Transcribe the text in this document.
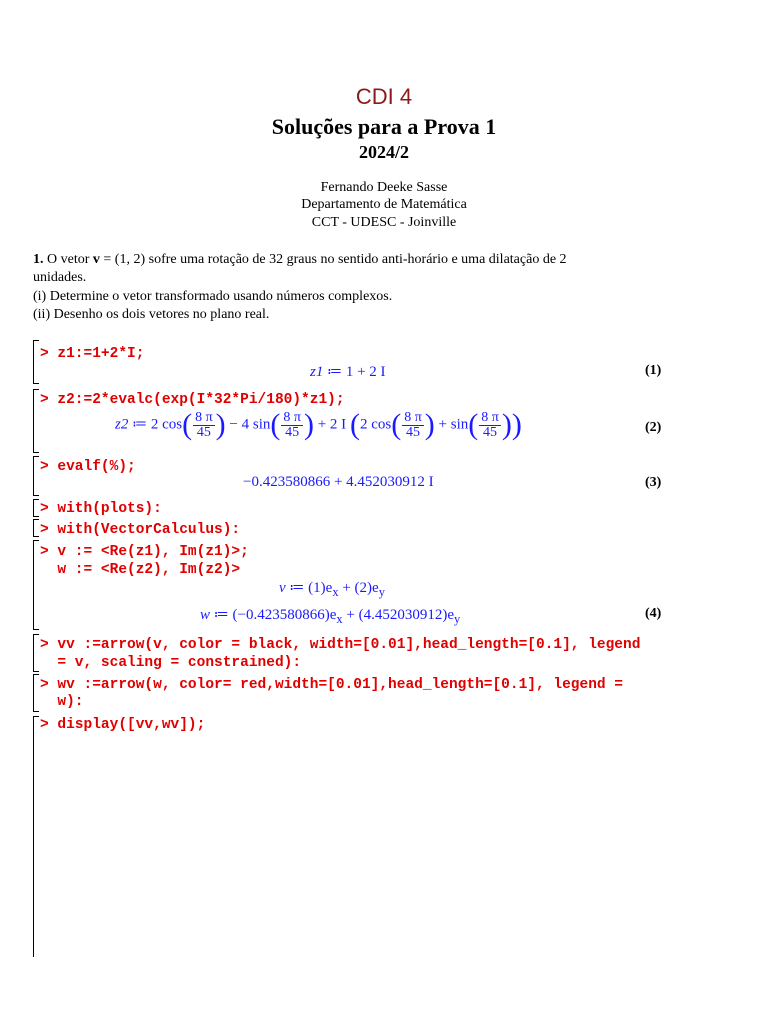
CDI 4
Soluções para a Prova 1
2024/2
Fernando Deeke Sasse
Departamento de Matemática
CCT - UDESC - Joinville
1. O vetor v = (1, 2) sofre uma rotação de 32 graus no sentido anti-horário e uma dilatação de 2
unidades.
(i) Determine o vetor transformado usando números complexos.
(ii) Desenho os dois vetores no plano real.
> z1:=1+2*I;
z1 ≔ 1 + 2 I	(1)
> z2:=2*evalc(exp(I*32*Pi/180)*z1);
z2 ≔ 2 $\cos( \frac{8 \pi}{45}$ ) − 4 $\sin( \frac{8 \pi}{45}$ ) + 2 I (2 $\cos( \frac{8 \pi}{45}$ ) + $\sin( \frac{8 \pi}{45}$ ))	(2)
> evalf(%);
−0.423580866 + 4.452030912 I	(3)
> with(plots):
> with(VectorCalculus):
> v := <Re(z1), Im(z1)>;
w := <Re(z2), Im(z2)>
v ≔ $(1)e_x + (2)e_y$
w ≔ $(-0.423580866)e_x + (4.452030912)e_y$	(4)
> vv :=arrow(v, color = black, width=[0.01],head_length=[0.1], legend
= v, scaling = constrained):
> wv :=arrow(w, color= red,width=[0.01],head_length=[0.1], legend =
w):
> display([vv,wv]);
